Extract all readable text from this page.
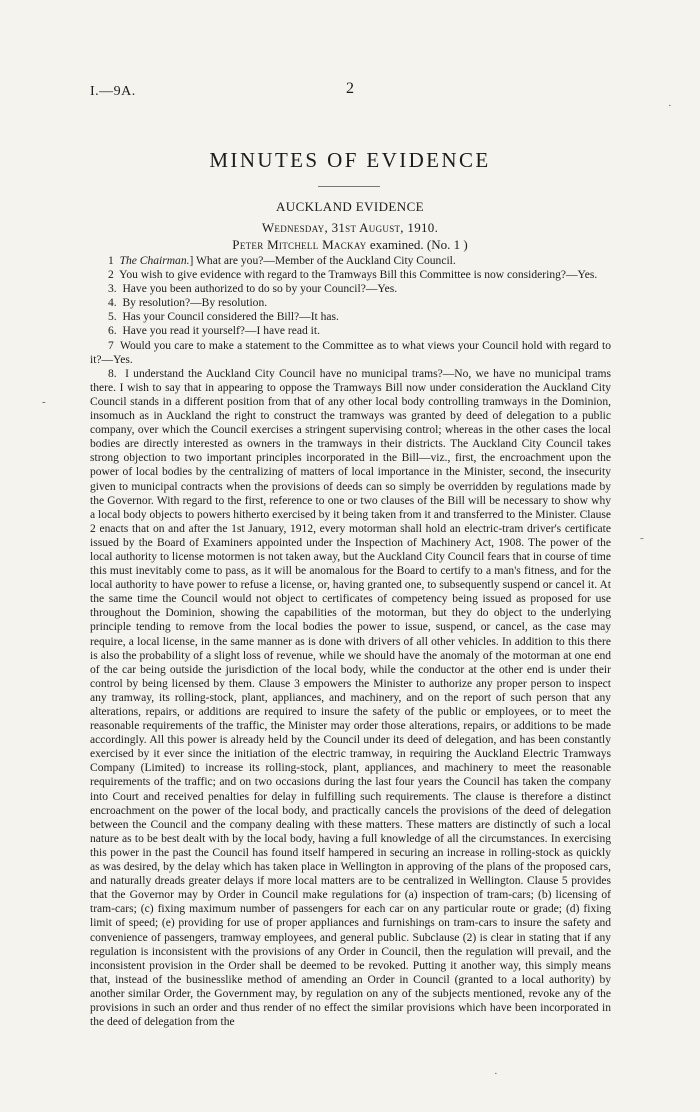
I.—9A.	2
MINUTES OF EVIDENCE
AUCKLAND EVIDENCE
Wednesday, 31st August, 1910.
Peter Mitchell Mackay examined. (No. 1 )

1 The Chairman.] What are you?—Member of the Auckland City Council.

2 You wish to give evidence with regard to the Tramways Bill this Committee is now considering?—Yes.

3.  Have you been authorized to do so by your Council?—Yes.

4.  By resolution?—By resolution.

5.  Has your Council considered the Bill?—It has.

6.  Have you read it yourself?—I have read it.

7 Would you care to make a statement to the Committee as to what views your Council hold with regard to it?—Yes.

8.  I understand the Auckland City Council have no municipal trams?—No, we have no municipal trams there. I wish to say that in appearing to oppose the Tramways Bill now under consideration the Auckland City Council stands in a different position from that of any other local body controlling tramways in the Dominion, insomuch as in Auckland the right to construct the tramways was granted by deed of delegation to a public company, over which the Council exercises a stringent supervising control; whereas in the other cases the local bodies are directly interested as owners in the tramways in their districts. The Auckland City Council takes strong objection to two important principles incorporated in the Bill—viz., first, the encroachment upon the power of local bodies by the centralizing of matters of local importance in the Minister, second, the insecurity given to municipal contracts when the provisions of deeds can so simply be overridden by regulations made by the Governor. With regard to the first, reference to one or two clauses of the Bill will be necessary to show why a local body objects to powers hitherto exercised by it being taken from it and transferred to the Minister. Clause 2 enacts that on and after the 1st January, 1912, every motorman shall hold an electric-tram driver's certificate issued by the Board of Examiners appointed under the Inspection of Machinery Act, 1908. The power of the local authority to license motormen is not taken away, but the Auckland City Council fears that in course of time this must inevitably come to pass, as it will be anomalous for the Board to certify to a man's fitness, and for the local authority to have power to refuse a license, or, having granted one, to subsequently suspend or cancel it. At the same time the Council would not object to certificates of competency being issued as proposed for use throughout the Dominion, showing the capabilities of the motorman, but they do object to the underlying principle tending to remove from the local bodies the power to issue, suspend, or cancel, as the case may require, a local license, in the same manner as is done with drivers of all other vehicles. In addition to this there is also the probability of a slight loss of revenue, while we should have the anomaly of the motorman at one end of the car being outside the jurisdiction of the local body, while the conductor at the other end is under their control by being licensed by them. Clause 3 empowers the Minister to authorize any proper person to inspect any tramway, its rolling-stock, plant, appliances, and machinery, and on the report of such person that any alterations, repairs, or additions are required to insure the safety of the public or employees, or to meet the reasonable requirements of the traffic, the Minister may order those alterations, repairs, or additions to be made accordingly. All this power is already held by the Council under its deed of delegation, and has been constantly exercised by it ever since the initiation of the electric tramway, in requiring the Auckland Electric Tramways Company (Limited) to increase its rolling-stock, plant, appliances, and machinery to meet the reasonable requirements of the traffic; and on two occasions during the last four years the Council has taken the company into Court and received penalties for delay in fulfilling such requirements. The clause is therefore a distinct encroachment on the power of the local body, and practically cancels the provisions of the deed of delegation between the Council and the company dealing with these matters. These matters are distinctly of such a local nature as to be best dealt with by the local body, having a full knowledge of all the circumstances. In exercising this power in the past the Council has found itself hampered in securing an increase in rolling-stock as quickly as was desired, by the delay which has taken place in Wellington in approving of the plans of the proposed cars, and naturally dreads greater delays if more local matters are to be centralized in Wellington. Clause 5 provides that the Governor may by Order in Council make regulations for (a) inspection of tram-cars; (b) licensing of tram-cars; (c) fixing maximum number of passengers for each car on any particular route or grade; (d) fixing limit of speed; (e) providing for use of proper appliances and furnishings on tram-cars to insure the safety and convenience of passengers, tramway employees, and general public. Subclause (2) is clear in stating that if any regulation is inconsistent with the provisions of any Order in Council, then the regulation will prevail, and the inconsistent provision in the Order shall be deemed to be revoked. Putting it another way, this simply means that, instead of the businesslike method of amending an Order in Council (granted to a local authority) by another similar Order, the Government may, by regulation on any of the subjects mentioned, revoke any of the provisions in such an order and thus render of no effect the similar provisions which have been incorporated in the deed of delegation from the

·
˜
-
·
